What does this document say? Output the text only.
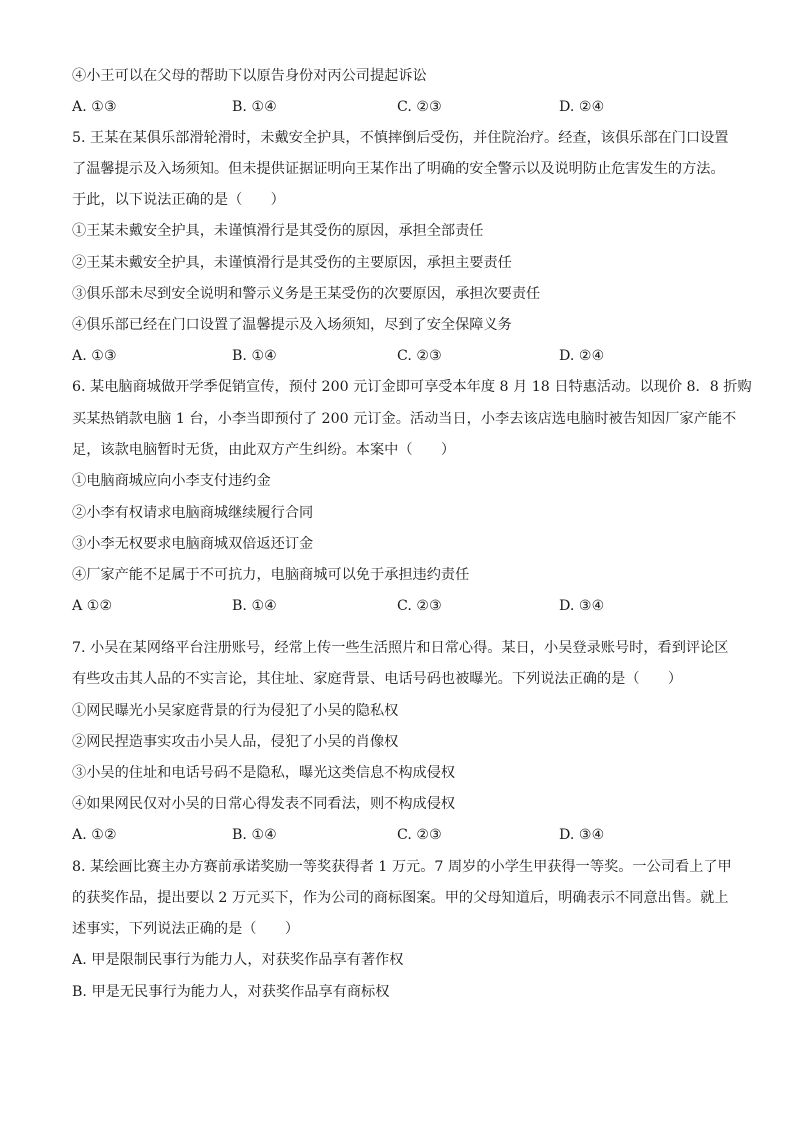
④小王可以在父母的帮助下以原告身份对丙公司提起诉讼
A. ①③	B. ①④	C. ②③	D. ②④
5. 王某在某俱乐部滑轮滑时，未戴安全护具，不慎摔倒后受伤，并住院治疗。经查，该俱乐部在门口设置
了温馨提示及入场须知。但未提供证据证明向王某作出了明确的安全警示以及说明防止危害发生的方法。
于此，以下说法正确的是（　　）
①王某未戴安全护具，未谨慎滑行是其受伤的原因，承担全部责任
②王某未戴安全护具，未谨慎滑行是其受伤的主要原因，承担主要责任
③俱乐部未尽到安全说明和警示义务是王某受伤的次要原因，承担次要责任
④俱乐部已经在门口设置了温馨提示及入场须知，尽到了安全保障义务
A. ①③	B. ①④	C. ②③	D. ②④
6. 某电脑商城做开学季促销宣传，预付 200 元订金即可享受本年度 8 月 18 日特惠活动。以现价 8．8 折购
买某热销款电脑 1 台，小李当即预付了 200 元订金。活动当日，小李去该店选电脑时被告知因厂家产能不
足，该款电脑暂时无货，由此双方产生纠纷。本案中（　　）
①电脑商城应向小李支付违约金
②小李有权请求电脑商城继续履行合同
③小李无权要求电脑商城双倍返还订金
④厂家产能不足属于不可抗力，电脑商城可以免于承担违约责任
A ①②	B. ①④	C. ②③	D. ③④
7. 小吴在某网络平台注册账号，经常上传一些生活照片和日常心得。某日，小吴登录账号时，看到评论区
有些攻击其人品的不实言论，其住址、家庭背景、电话号码也被曝光。下列说法正确的是（　　）
①网民曝光小吴家庭背景的行为侵犯了小吴的隐私权
②网民捏造事实攻击小吴人品，侵犯了小吴的肖像权
③小吴的住址和电话号码不是隐私，曝光这类信息不构成侵权
④如果网民仅对小吴的日常心得发表不同看法，则不构成侵权
A. ①②	B. ①④	C. ②③	D. ③④
8. 某绘画比赛主办方赛前承诺奖励一等奖获得者 1 万元。7 周岁的小学生甲获得一等奖。一公司看上了甲
的获奖作品，提出要以 2 万元买下，作为公司的商标图案。甲的父母知道后，明确表示不同意出售。就上
述事实，下列说法正确的是（　　）
A. 甲是限制民事行为能力人，对获奖作品享有著作权
B. 甲是无民事行为能力人，对获奖作品享有商标权
